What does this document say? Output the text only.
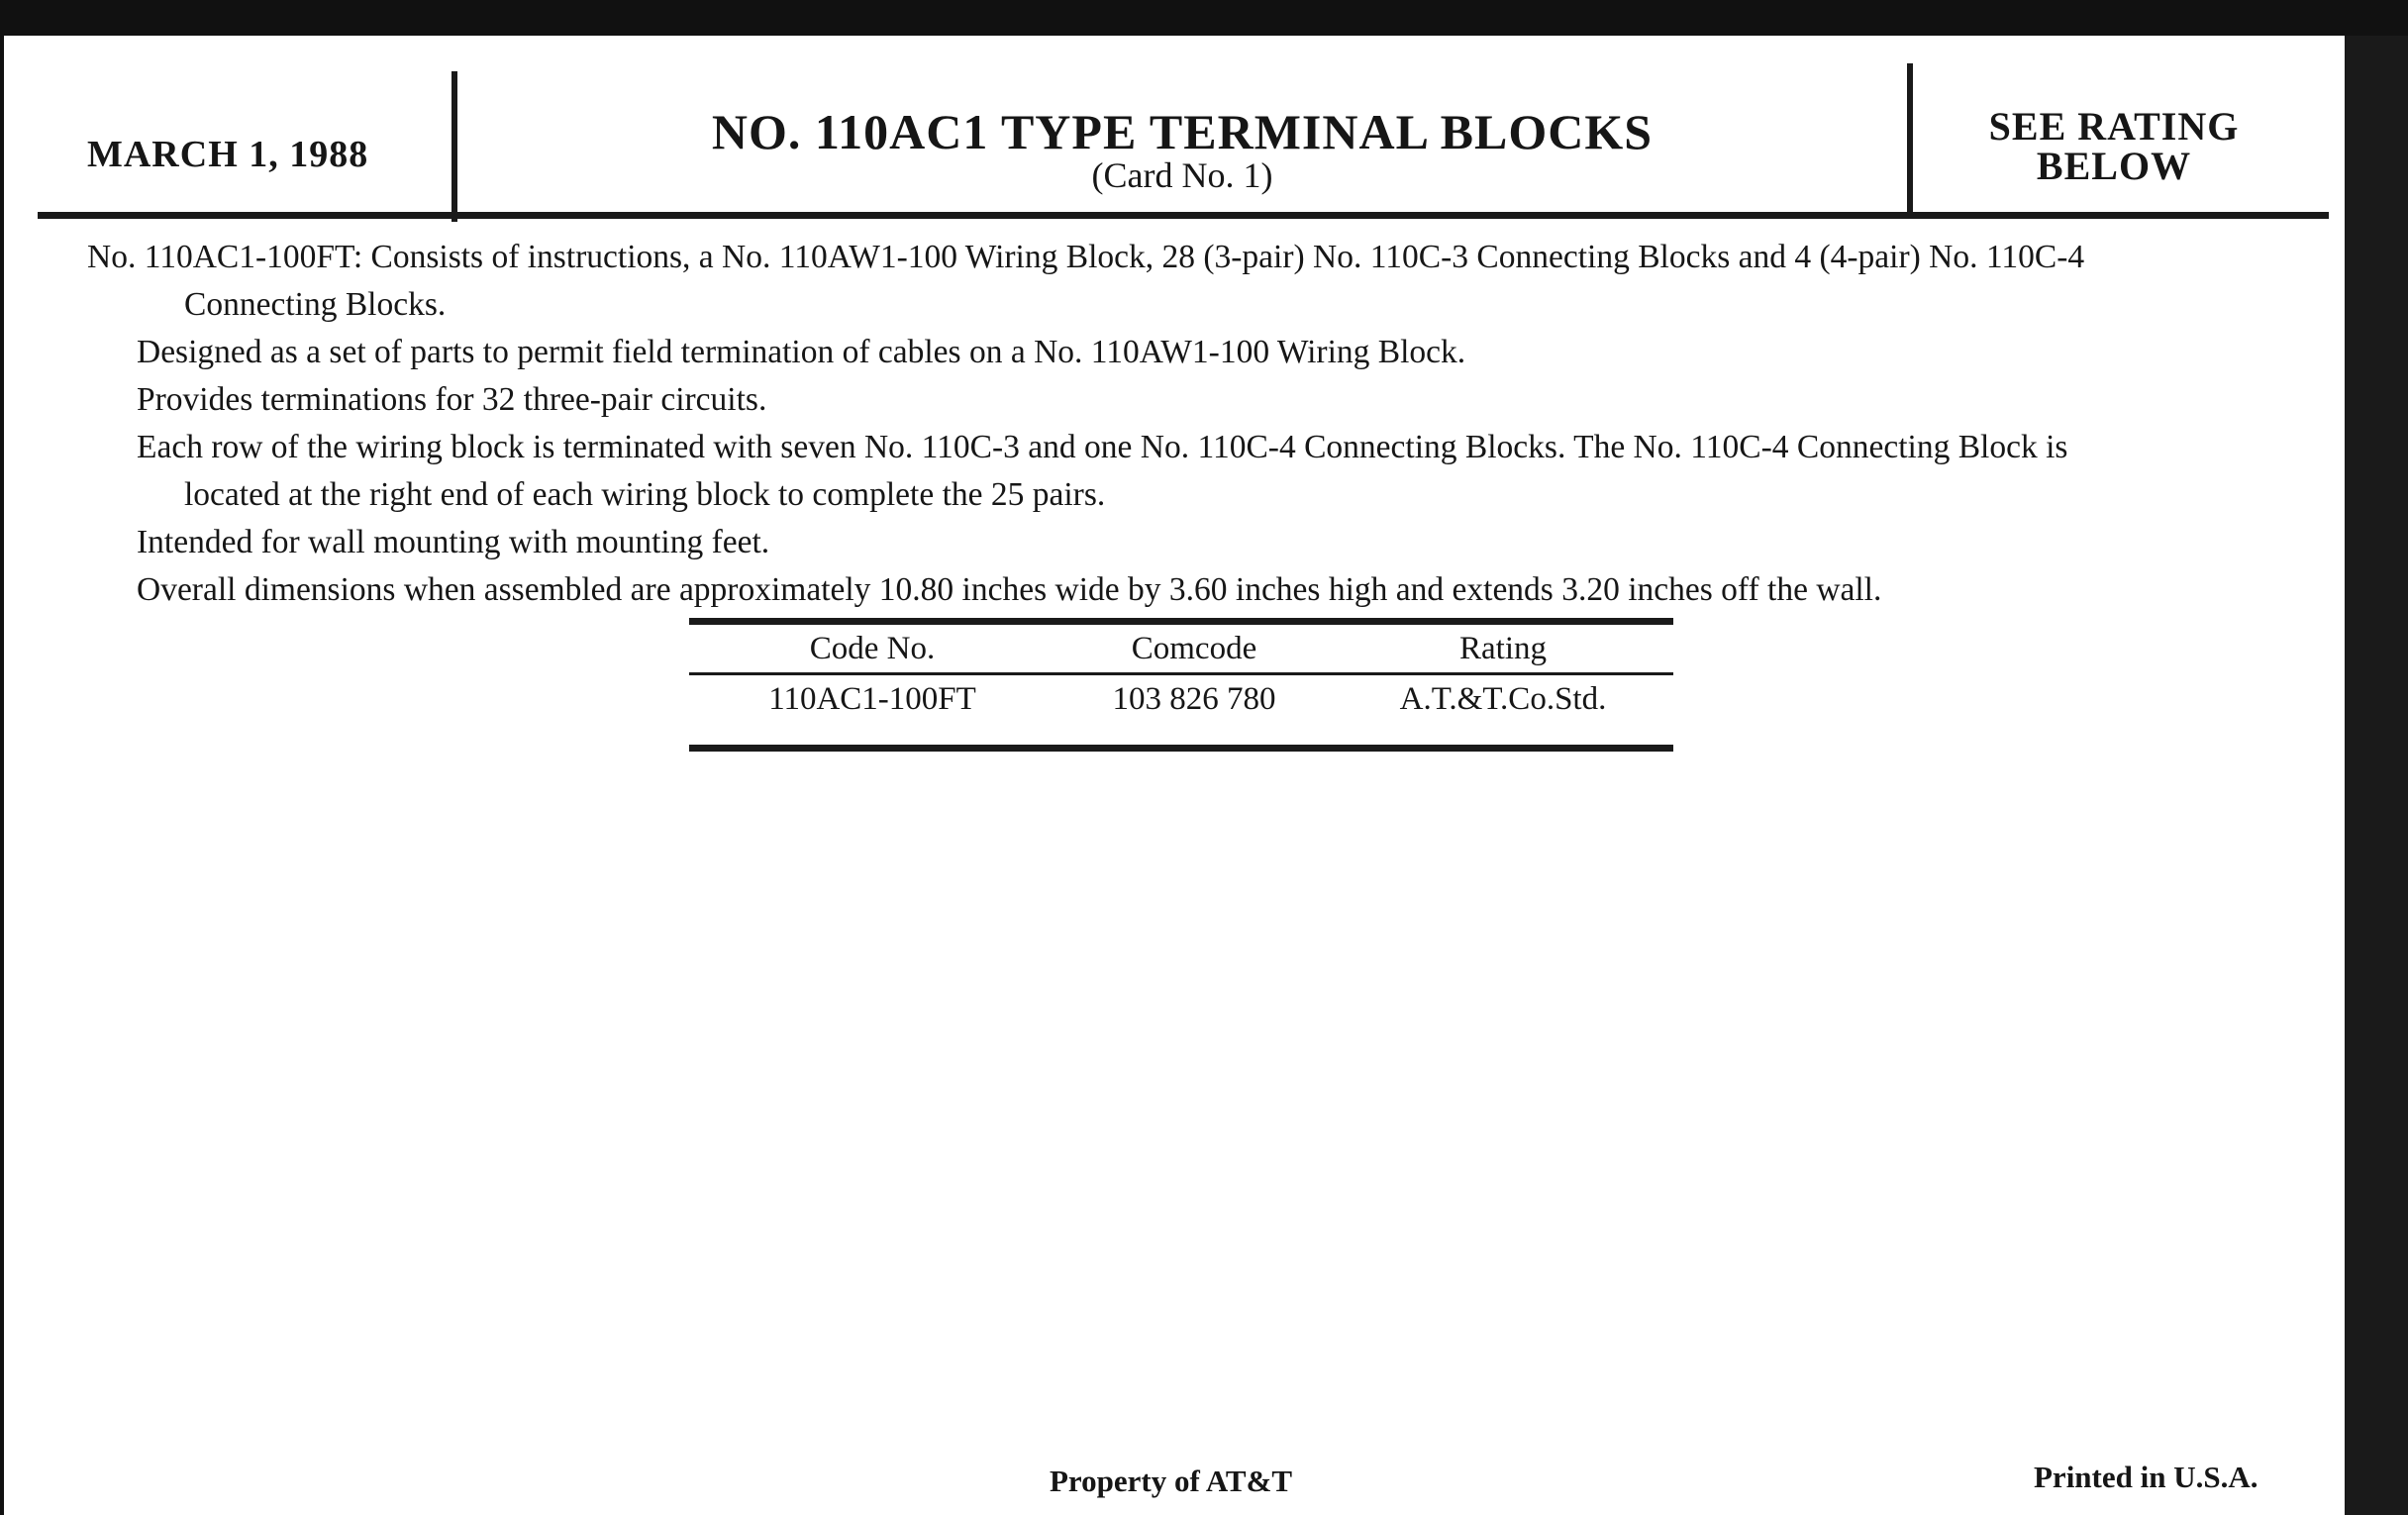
MARCH 1, 1988	NO. 110AC1 TYPE TERMINAL BLOCKS
(Card No. 1)
SEE RATING
BELOW
No. 110AC1-100FT: Consists of instructions, a No. 110AW1-100 Wiring Block, 28 (3-pair) No. 110C-3 Connecting Blocks and 4 (4-pair) No. 110C-4
Connecting Blocks.
Designed as a set of parts to permit field termination of cables on a No. 110AW1-100 Wiring Block.
Provides terminations for 32 three-pair circuits.
Each row of the wiring block is terminated with seven No. 110C-3 and one No. 110C-4 Connecting Blocks. The No. 110C-4 Connecting Block is
located at the right end of each wiring block to complete the 25 pairs.
Intended for wall mounting with mounting feet.
Overall dimensions when assembled are approximately 10.80 inches wide by 3.60 inches high and extends 3.20 inches off the wall.
Code No.	Comcode	Rating
110AC1-100FT	103 826 780	A.T.&T.Co.Std.
Property of AT&T	Printed in U.S.A.
